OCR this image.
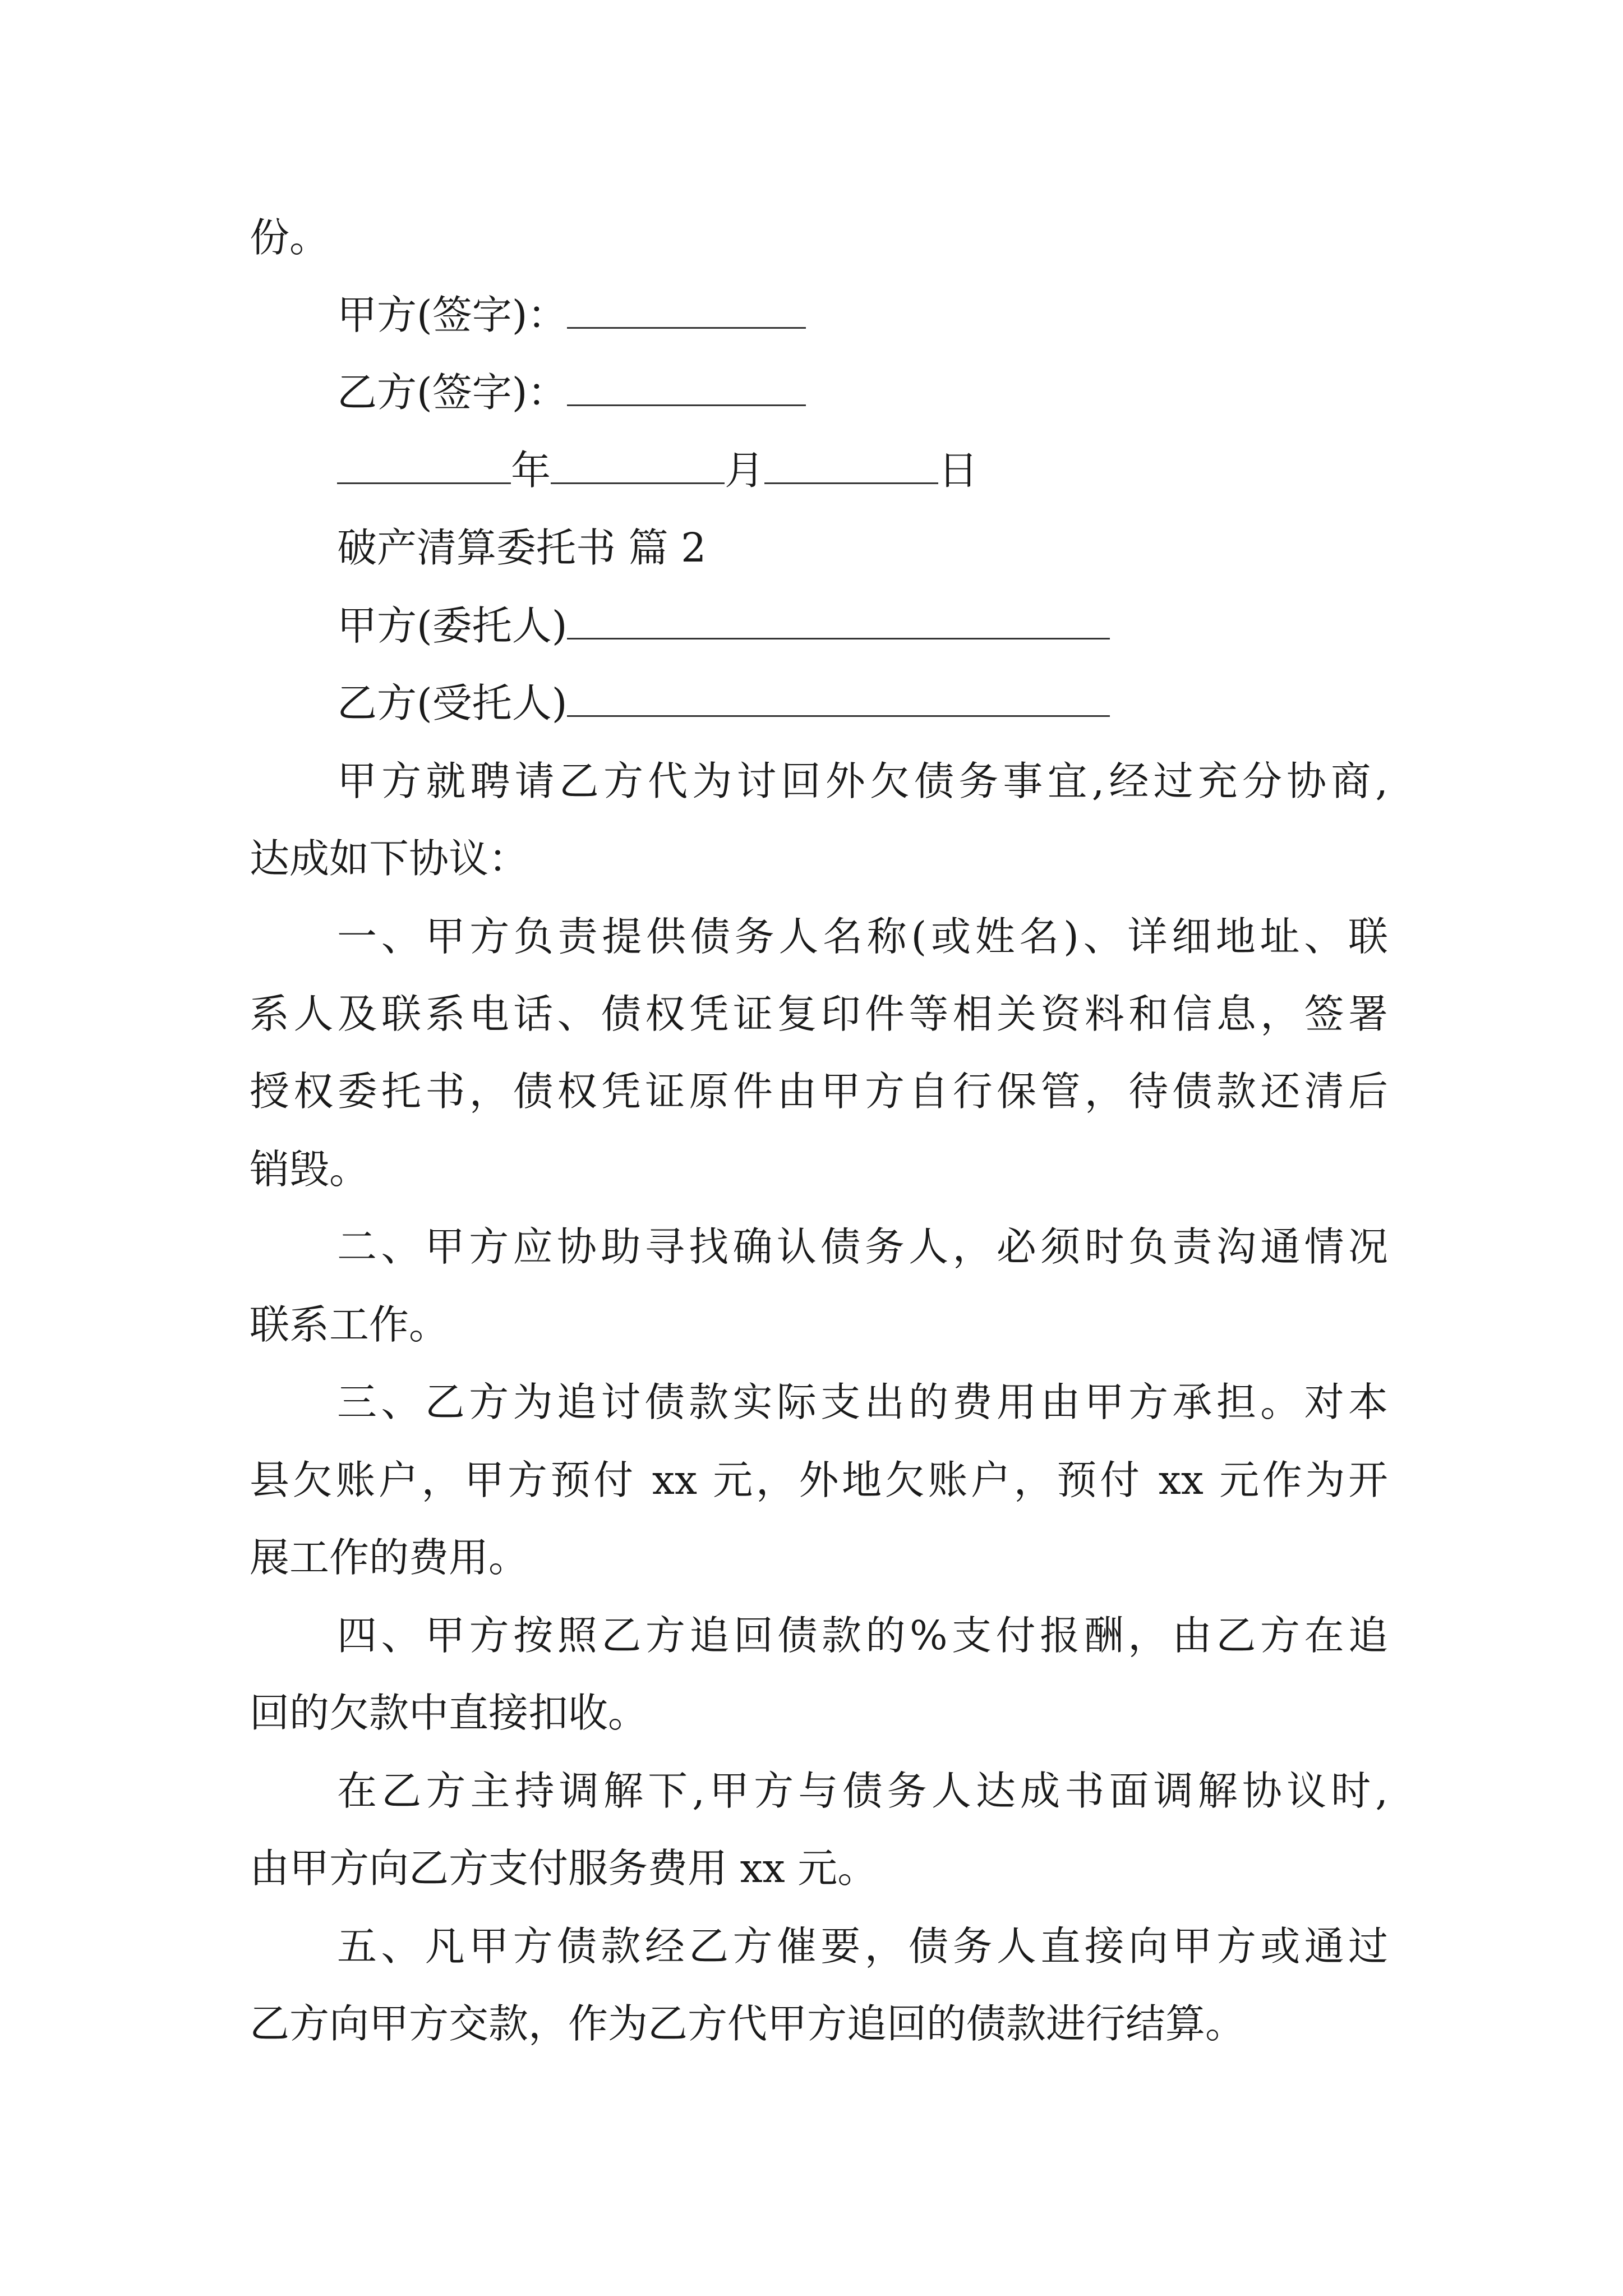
份。
甲方(签字)：
乙方(签字)：
年	月	日
破产清算委托书 篇 2
甲方(委托人)
乙方(受托人)
甲方就聘请乙方代为讨回外欠债务事宜,经过充分协商,
达成如下协议：
一、甲方负责提供债务人名称(或姓名)、详细地址、联
系人及联系电话、债权凭证复印件等相关资料和信息，签署
授权委托书，债权凭证原件由甲方自行保管，待债款还清后
销毁。
二、甲方应协助寻找确认债务人，必须时负责沟通情况
联系工作。
三、乙方为追讨债款实际支出的费用由甲方承担。对本
县欠账户，甲方预付 xx 元，外地欠账户，预付 xx 元作为开
展工作的费用。
四、甲方按照乙方追回债款的%支付报酬，由乙方在追
回的欠款中直接扣收。
在乙方主持调解下,甲方与债务人达成书面调解协议时,
由甲方向乙方支付服务费用 xx 元。
五、凡甲方债款经乙方催要，债务人直接向甲方或通过
乙方向甲方交款，作为乙方代甲方追回的债款进行结算。
